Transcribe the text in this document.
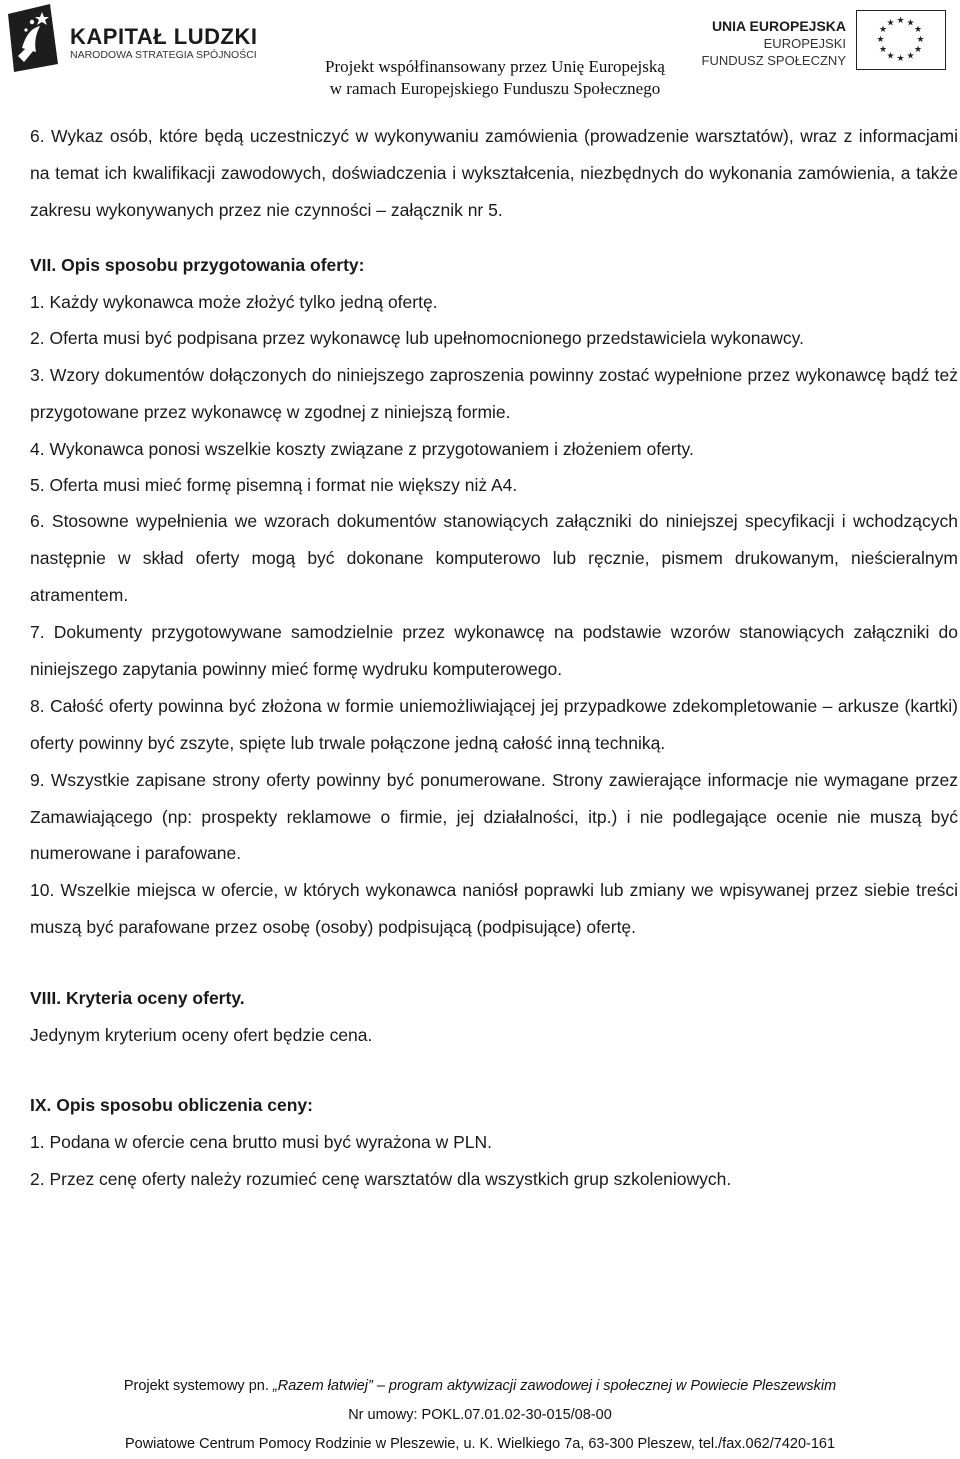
KAPITAŁ LUDZKI
NARODOWA STRATEGIA SPÓJNOŚCI
UNIA EUROPEJSKA
EUROPEJSKI
FUNDUSZ SPOŁECZNY
★ ★
★
★
★
★
★
★
★
★
★
★
Projekt współfinansowany przez Unię Europejską
w ramach Europejskiego Funduszu Społecznego

6. Wykaz osób, które będą uczestniczyć w wykonywaniu zamówienia (prowadzenie warsztatów), wraz z informacjami na temat ich kwalifikacji zawodowych, doświadczenia i wykształcenia, niezbędnych do wykonania zamówienia, a także zakresu wykonywanych przez nie czynności – załącznik nr 5.

VII. Opis sposobu przygotowania oferty:

1. Każdy wykonawca może złożyć tylko jedną ofertę.

2. Oferta musi być podpisana przez wykonawcę lub upełnomocnionego przedstawiciela wykonawcy.

3. Wzory dokumentów dołączonych do niniejszego zaproszenia powinny zostać wypełnione przez wykonawcę bądź też przygotowane przez wykonawcę w zgodnej z niniejszą formie.

4. Wykonawca ponosi wszelkie koszty związane z przygotowaniem i złożeniem oferty.

5. Oferta musi mieć formę pisemną i format nie większy niż A4.

6. Stosowne wypełnienia we wzorach dokumentów stanowiących załączniki do niniejszej specyfikacji i wchodzących następnie w skład oferty mogą być dokonane komputerowo lub ręcznie, pismem drukowanym, nieścieralnym atramentem.

7. Dokumenty przygotowywane samodzielnie przez wykonawcę na podstawie wzorów stanowiących załączniki do niniejszego zapytania powinny mieć formę wydruku komputerowego.

8. Całość oferty powinna być złożona w formie uniemożliwiającej jej przypadkowe zdekompletowanie – arkusze (kartki) oferty powinny być zszyte, spięte lub trwale połączone jedną całość inną techniką.

9. Wszystkie zapisane strony oferty powinny być ponumerowane. Strony zawierające informacje nie wymagane przez Zamawiającego (np: prospekty reklamowe o firmie, jej działalności, itp.) i nie podlegające ocenie nie muszą być numerowane i parafowane.

10. Wszelkie miejsca w ofercie, w których wykonawca naniósł poprawki lub zmiany we wpisywanej przez siebie treści muszą być parafowane przez osobę (osoby) podpisującą (podpisujące) ofertę.

VIII. Kryteria oceny oferty.

Jedynym kryterium oceny ofert będzie cena.

IX. Opis sposobu obliczenia ceny:

1. Podana w ofercie cena brutto musi być wyrażona w PLN.

2. Przez cenę oferty należy rozumieć cenę warsztatów dla wszystkich grup szkoleniowych.

Projekt systemowy pn. „Razem łatwiej” – program aktywizacji zawodowej i społecznej w Powiecie Pleszewskim
Nr umowy: POKL.07.01.02-30-015/08-00
Powiatowe Centrum Pomocy Rodzinie w Pleszewie, u. K. Wielkiego 7a, 63-300 Pleszew, tel./fax.062/7420-161
